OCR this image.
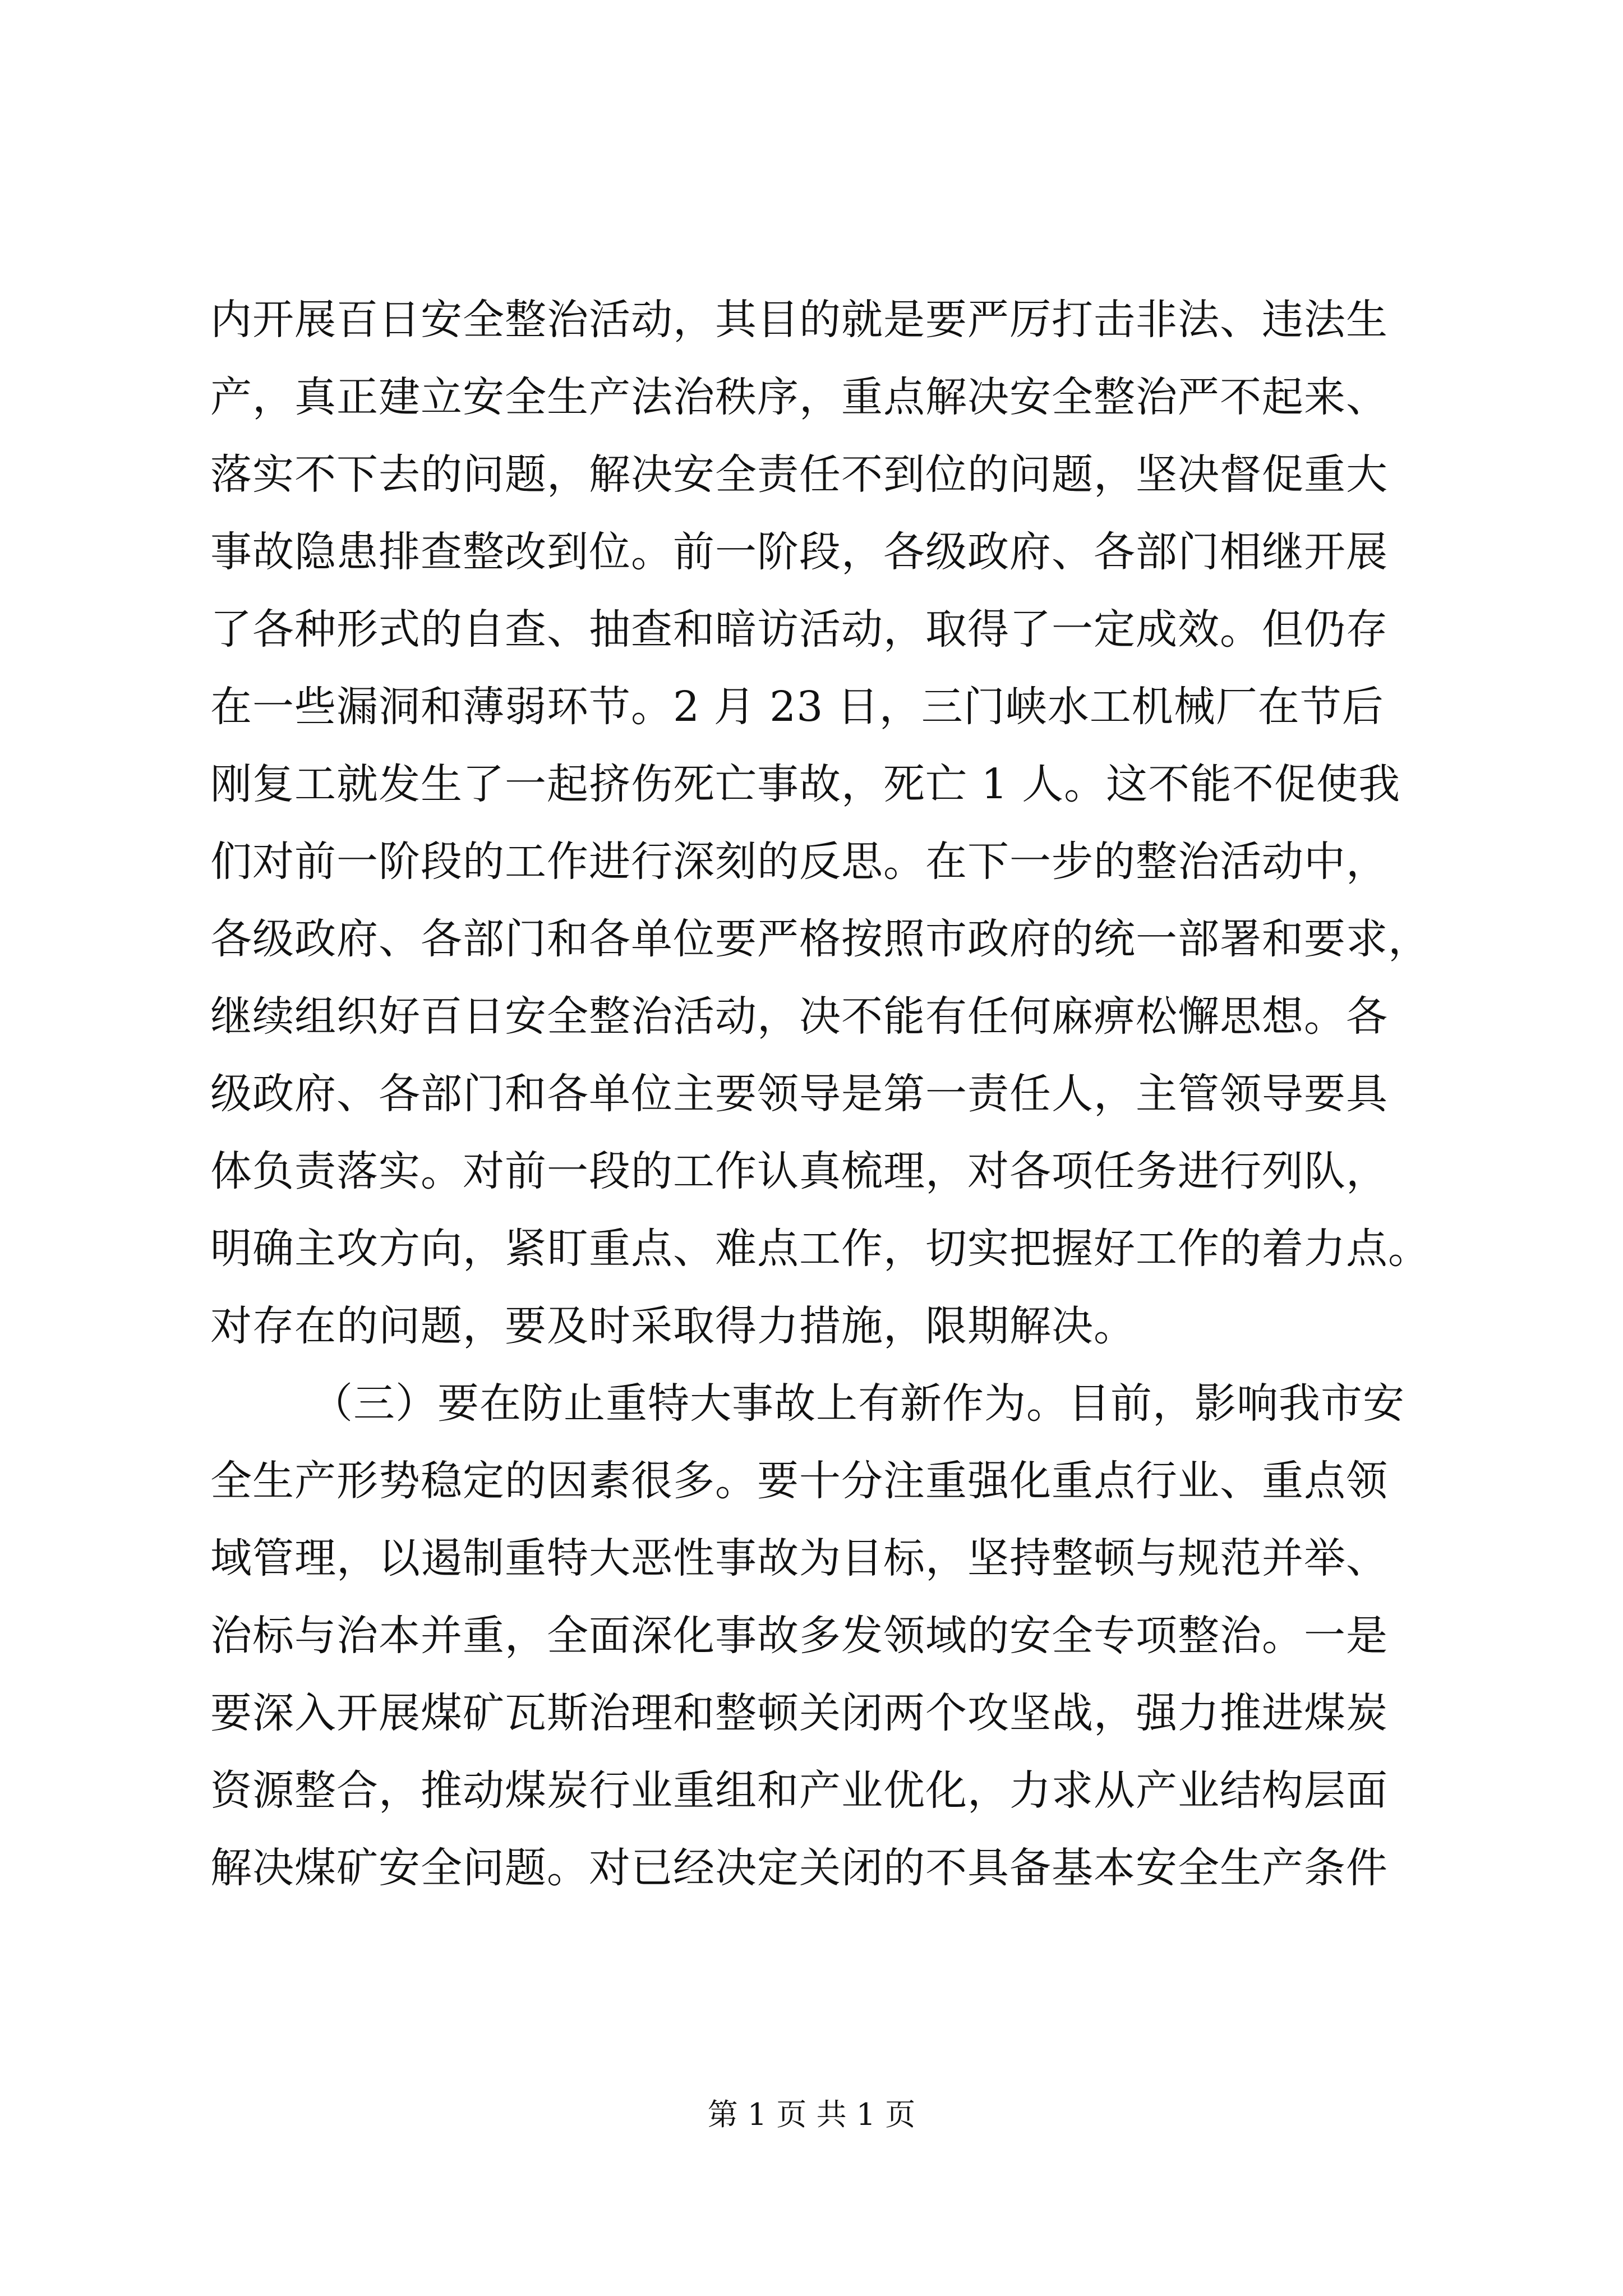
内开展百日安全整治活动，其目的就是要严厉打击非法、违法生
产，真正建立安全生产法治秩序，重点解决安全整治严不起来、
落实不下去的问题，解决安全责任不到位的问题，坚决督促重大
事故隐患排查整改到位。前一阶段，各级政府、各部门相继开展
了各种形式的自查、抽查和暗访活动，取得了一定成效。但仍存
在一些漏洞和薄弱环节。2 月 23 日，三门峡水工机械厂在节后
刚复工就发生了一起挤伤死亡事故，死亡 1 人。这不能不促使我
们对前一阶段的工作进行深刻的反思。在下一步的整治活动中，
各级政府、各部门和各单位要严格按照市政府的统一部署和要求，
继续组织好百日安全整治活动，决不能有任何麻痹松懈思想。各
级政府、各部门和各单位主要领导是第一责任人，主管领导要具
体负责落实。对前一段的工作认真梳理，对各项任务进行列队，
明确主攻方向，紧盯重点、难点工作，切实把握好工作的着力点。
对存在的问题，要及时采取得力措施，限期解决。
（三）要在防止重特大事故上有新作为。目前，影响我市安
全生产形势稳定的因素很多。要十分注重强化重点行业、重点领
域管理，以遏制重特大恶性事故为目标，坚持整顿与规范并举、
治标与治本并重，全面深化事故多发领域的安全专项整治。一是
要深入开展煤矿瓦斯治理和整顿关闭两个攻坚战，强力推进煤炭
资源整合，推动煤炭行业重组和产业优化，力求从产业结构层面
解决煤矿安全问题。对已经决定关闭的不具备基本安全生产条件
第 1 页 共 1 页
